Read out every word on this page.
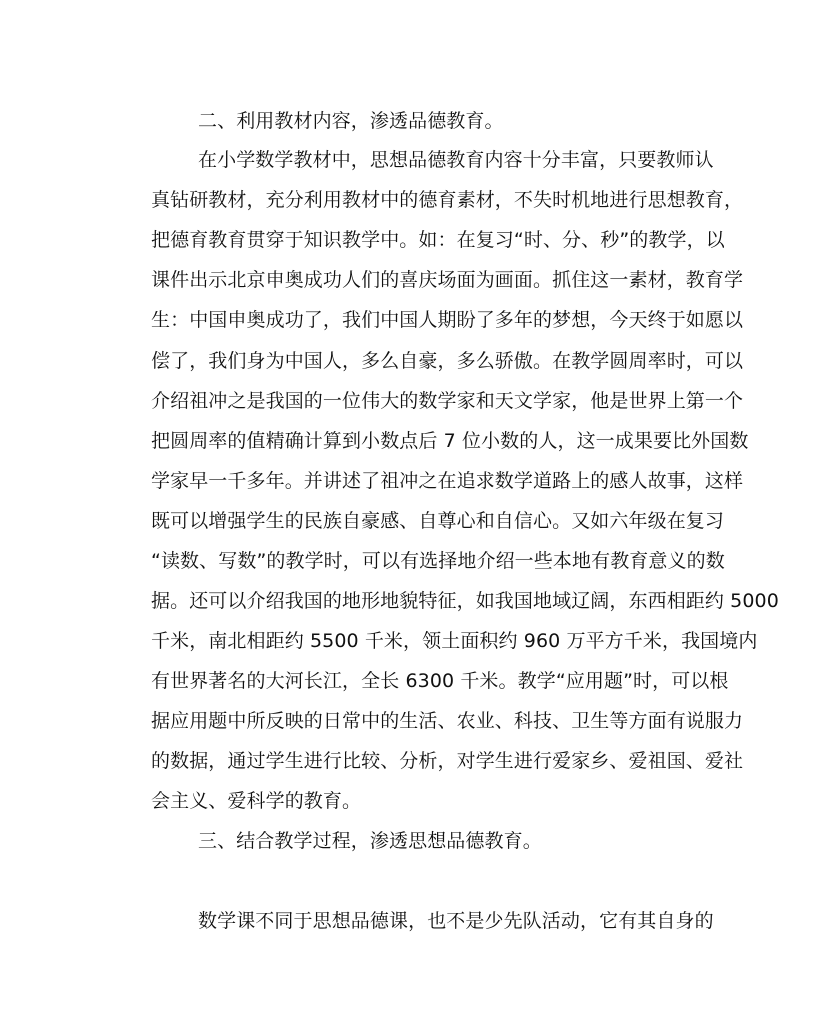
二、利用教材内容，渗透品德教育。
在小学数学教材中，思想品德教育内容十分丰富，只要教师认
真钻研教材，充分利用教材中的德育素材，不失时机地进行思想教育，
把德育教育贯穿于知识教学中。如：在复习“时、分、秒”的教学，以
课件出示北京申奥成功人们的喜庆场面为画面。抓住这一素材，教育学
生：中国申奥成功了，我们中国人期盼了多年的梦想，今天终于如愿以
偿了，我们身为中国人，多么自豪，多么骄傲。在教学圆周率时，可以
介绍祖冲之是我国的一位伟大的数学家和天文学家，他是世界上第一个
把圆周率的值精确计算到小数点后 7 位小数的人，这一成果要比外国数
学家早一千多年。并讲述了祖冲之在追求数学道路上的感人故事，这样
既可以增强学生的民族自豪感、自尊心和自信心。又如六年级在复习
“读数、写数”的教学时，可以有选择地介绍一些本地有教育意义的数
据。还可以介绍我国的地形地貌特征，如我国地域辽阔，东西相距约 5000
千米，南北相距约 5500 千米，领土面积约 960 万平方千米，我国境内
有世界著名的大河长江，全长 6300 千米。教学“应用题”时，可以根
据应用题中所反映的日常中的生活、农业、科技、卫生等方面有说服力
的数据，通过学生进行比较、分析，对学生进行爱家乡、爱祖国、爱社
会主义、爱科学的教育。
三、结合教学过程，渗透思想品德教育。
数学课不同于思想品德课，也不是少先队活动，它有其自身的
